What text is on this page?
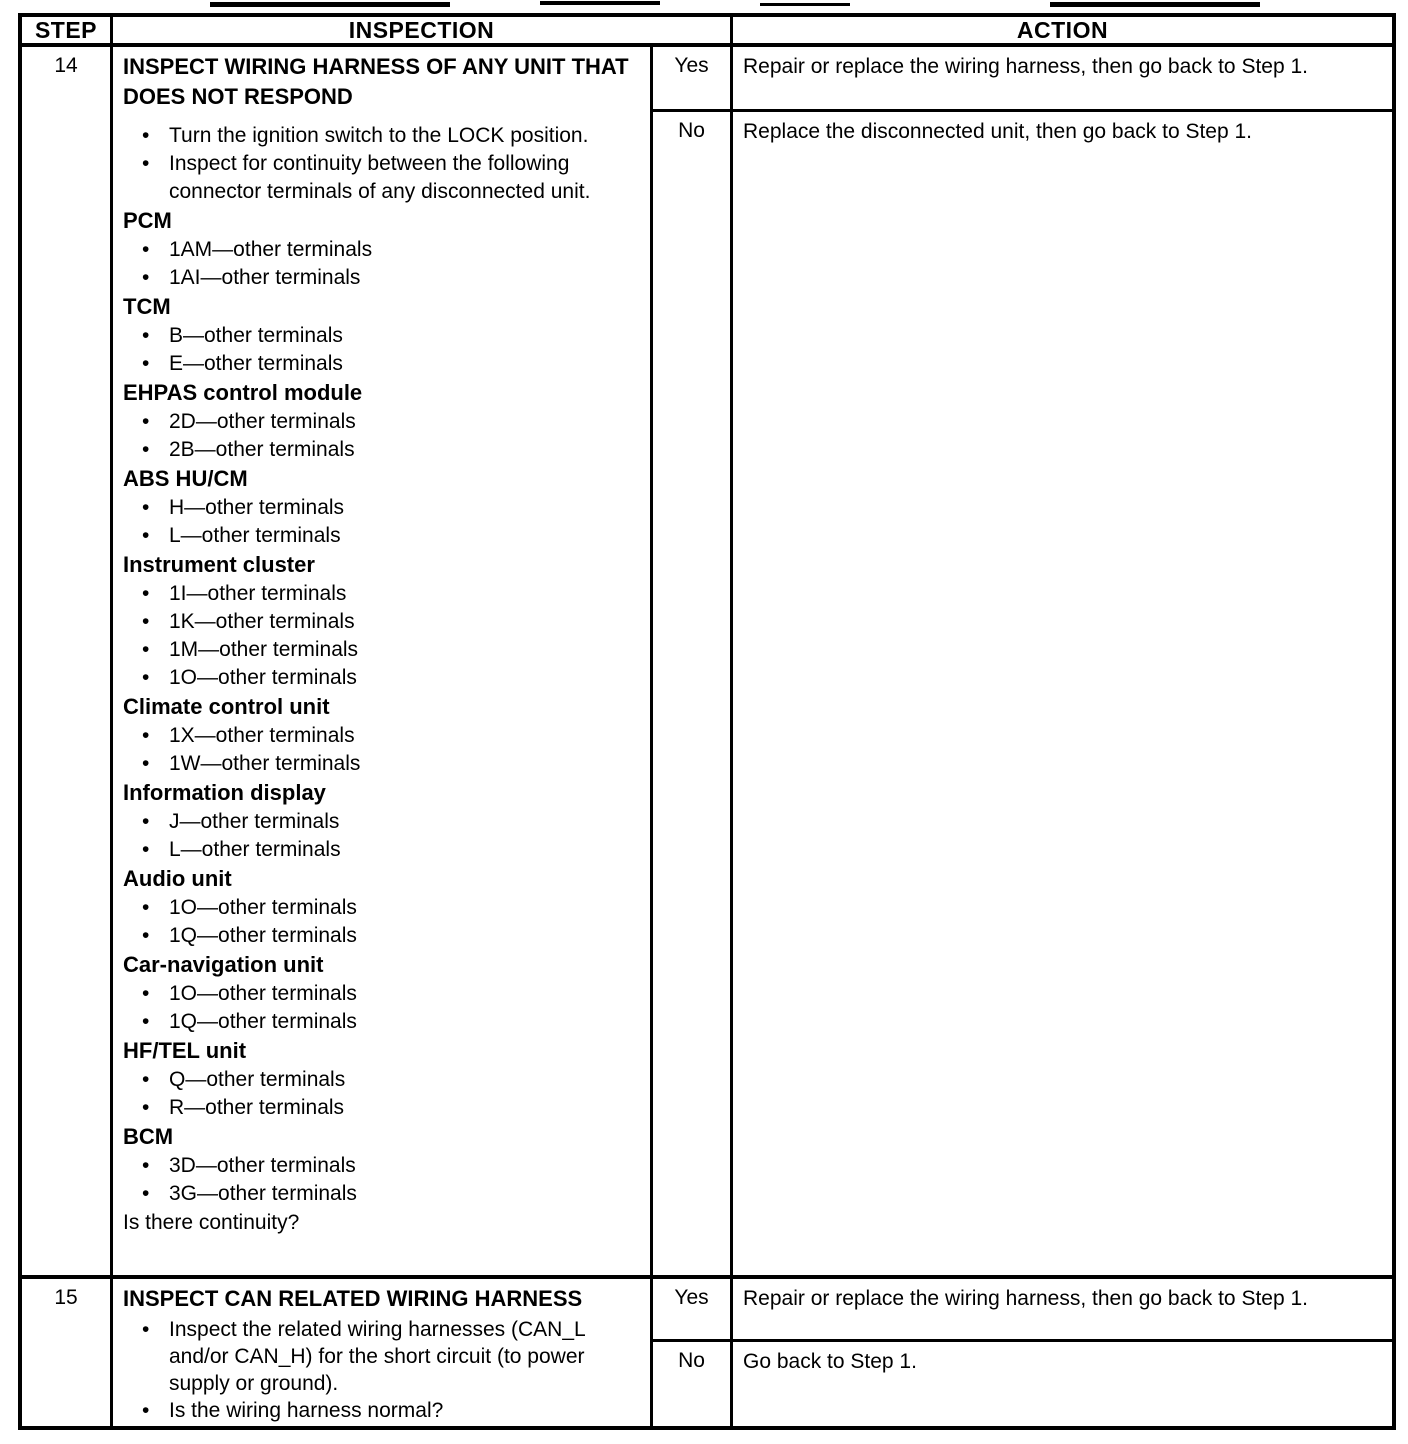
STEP	INSPECTION	ACTION
14	INSPECT WIRING HARNESS OF ANY UNIT THAT DOES NOT RESPOND
• Turn the ignition switch to the LOCK position.
• Inspect for continuity between the following connector terminals of any disconnected unit.
PCM
• 1AM—other terminals
• 1AI—other terminals
TCM
• B—other terminals
• E—other terminals
EHPAS control module
• 2D—other terminals
• 2B—other terminals
ABS HU/CM
• H—other terminals
• L—other terminals
Instrument cluster
• 1I—other terminals
• 1K—other terminals
• 1M—other terminals
• 1O—other terminals
Climate control unit
• 1X—other terminals
• 1W—other terminals
Information display
• J—other terminals
• L—other terminals
Audio unit
• 1O—other terminals
• 1Q—other terminals
Car-navigation unit
• 1O—other terminals
• 1Q—other terminals
HF/TEL unit
• Q—other terminals
• R—other terminals
BCM
• 3D—other terminals
• 3G—other terminals
Is there continuity?
Yes	Repair or replace the wiring harness, then go back to Step 1.
No	Replace the disconnected unit, then go back to Step 1.
15	INSPECT CAN RELATED WIRING HARNESS
• Inspect the related wiring harnesses (CAN_L and/or CAN_H) for the short circuit (to power supply or ground).
• Is the wiring harness normal?
Yes	Repair or replace the wiring harness, then go back to Step 1.
No	Go back to Step 1.
